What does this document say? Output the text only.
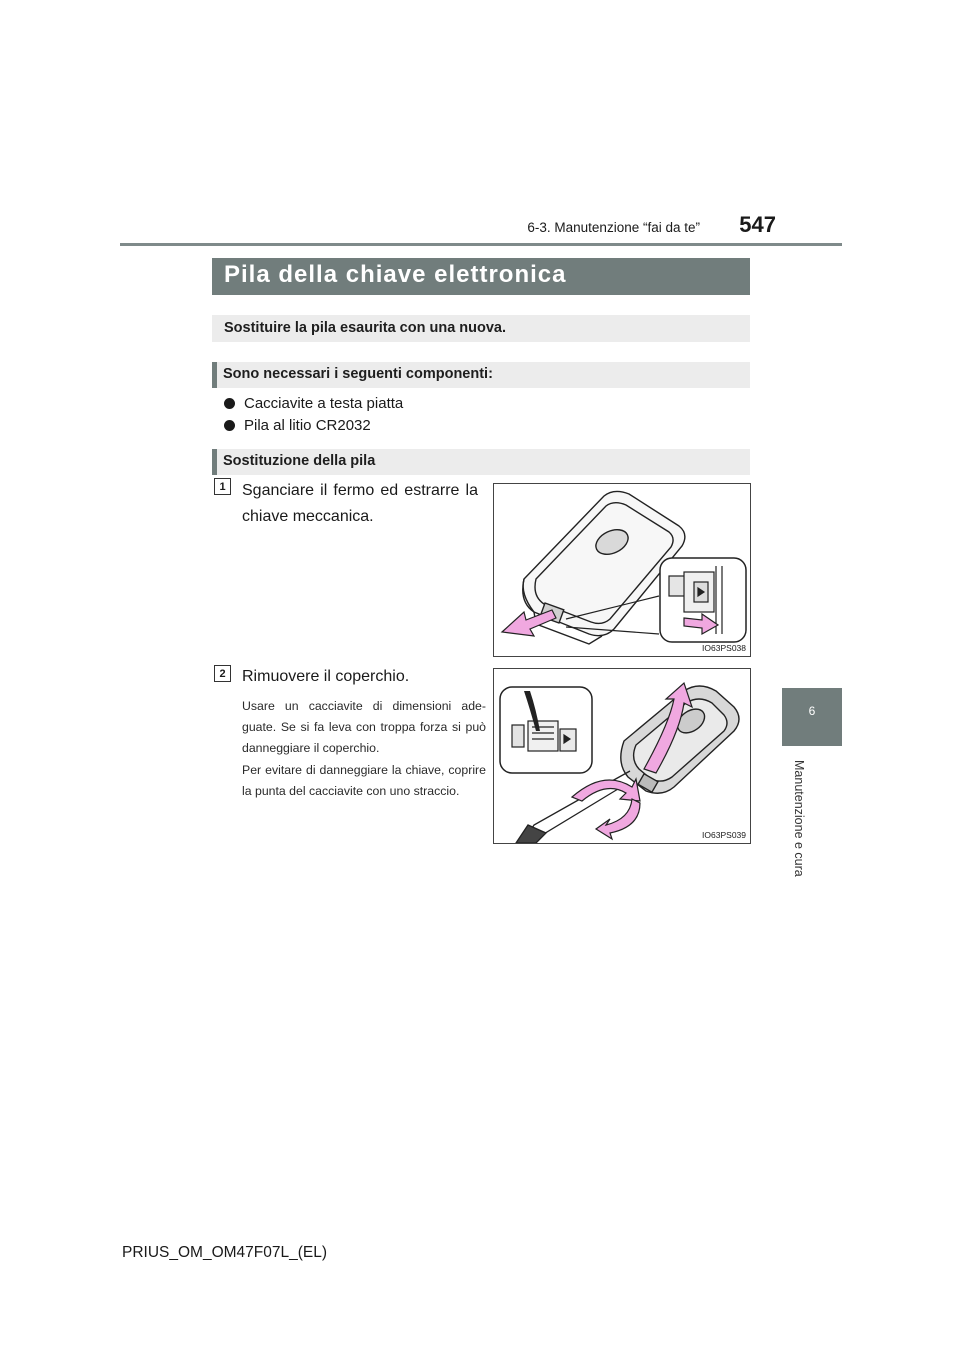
6-3. Manutenzione “fai da te”	547
6
Manutenzione e cura
Pila della chiave elettronica
Sostituire la pila esaurita con una nuova.
Sono necessari i seguenti componenti:
Cacciavite a testa piatta
Pila al litio CR2032
Sostituzione della pila
1	Sganciare il fermo ed estrarre la chiave meccanica.
IO63PS038
2	Rimuovere il coperchio.
Usare un cacciavite di dimensioni ade-guate. Se si fa leva con troppa forza si può danneggiare il coperchio.
Per evitare di danneggiare la chiave, coprire la punta del cacciavite con uno straccio.
IO63PS039
PRIUS_OM_OM47F07L_(EL)
